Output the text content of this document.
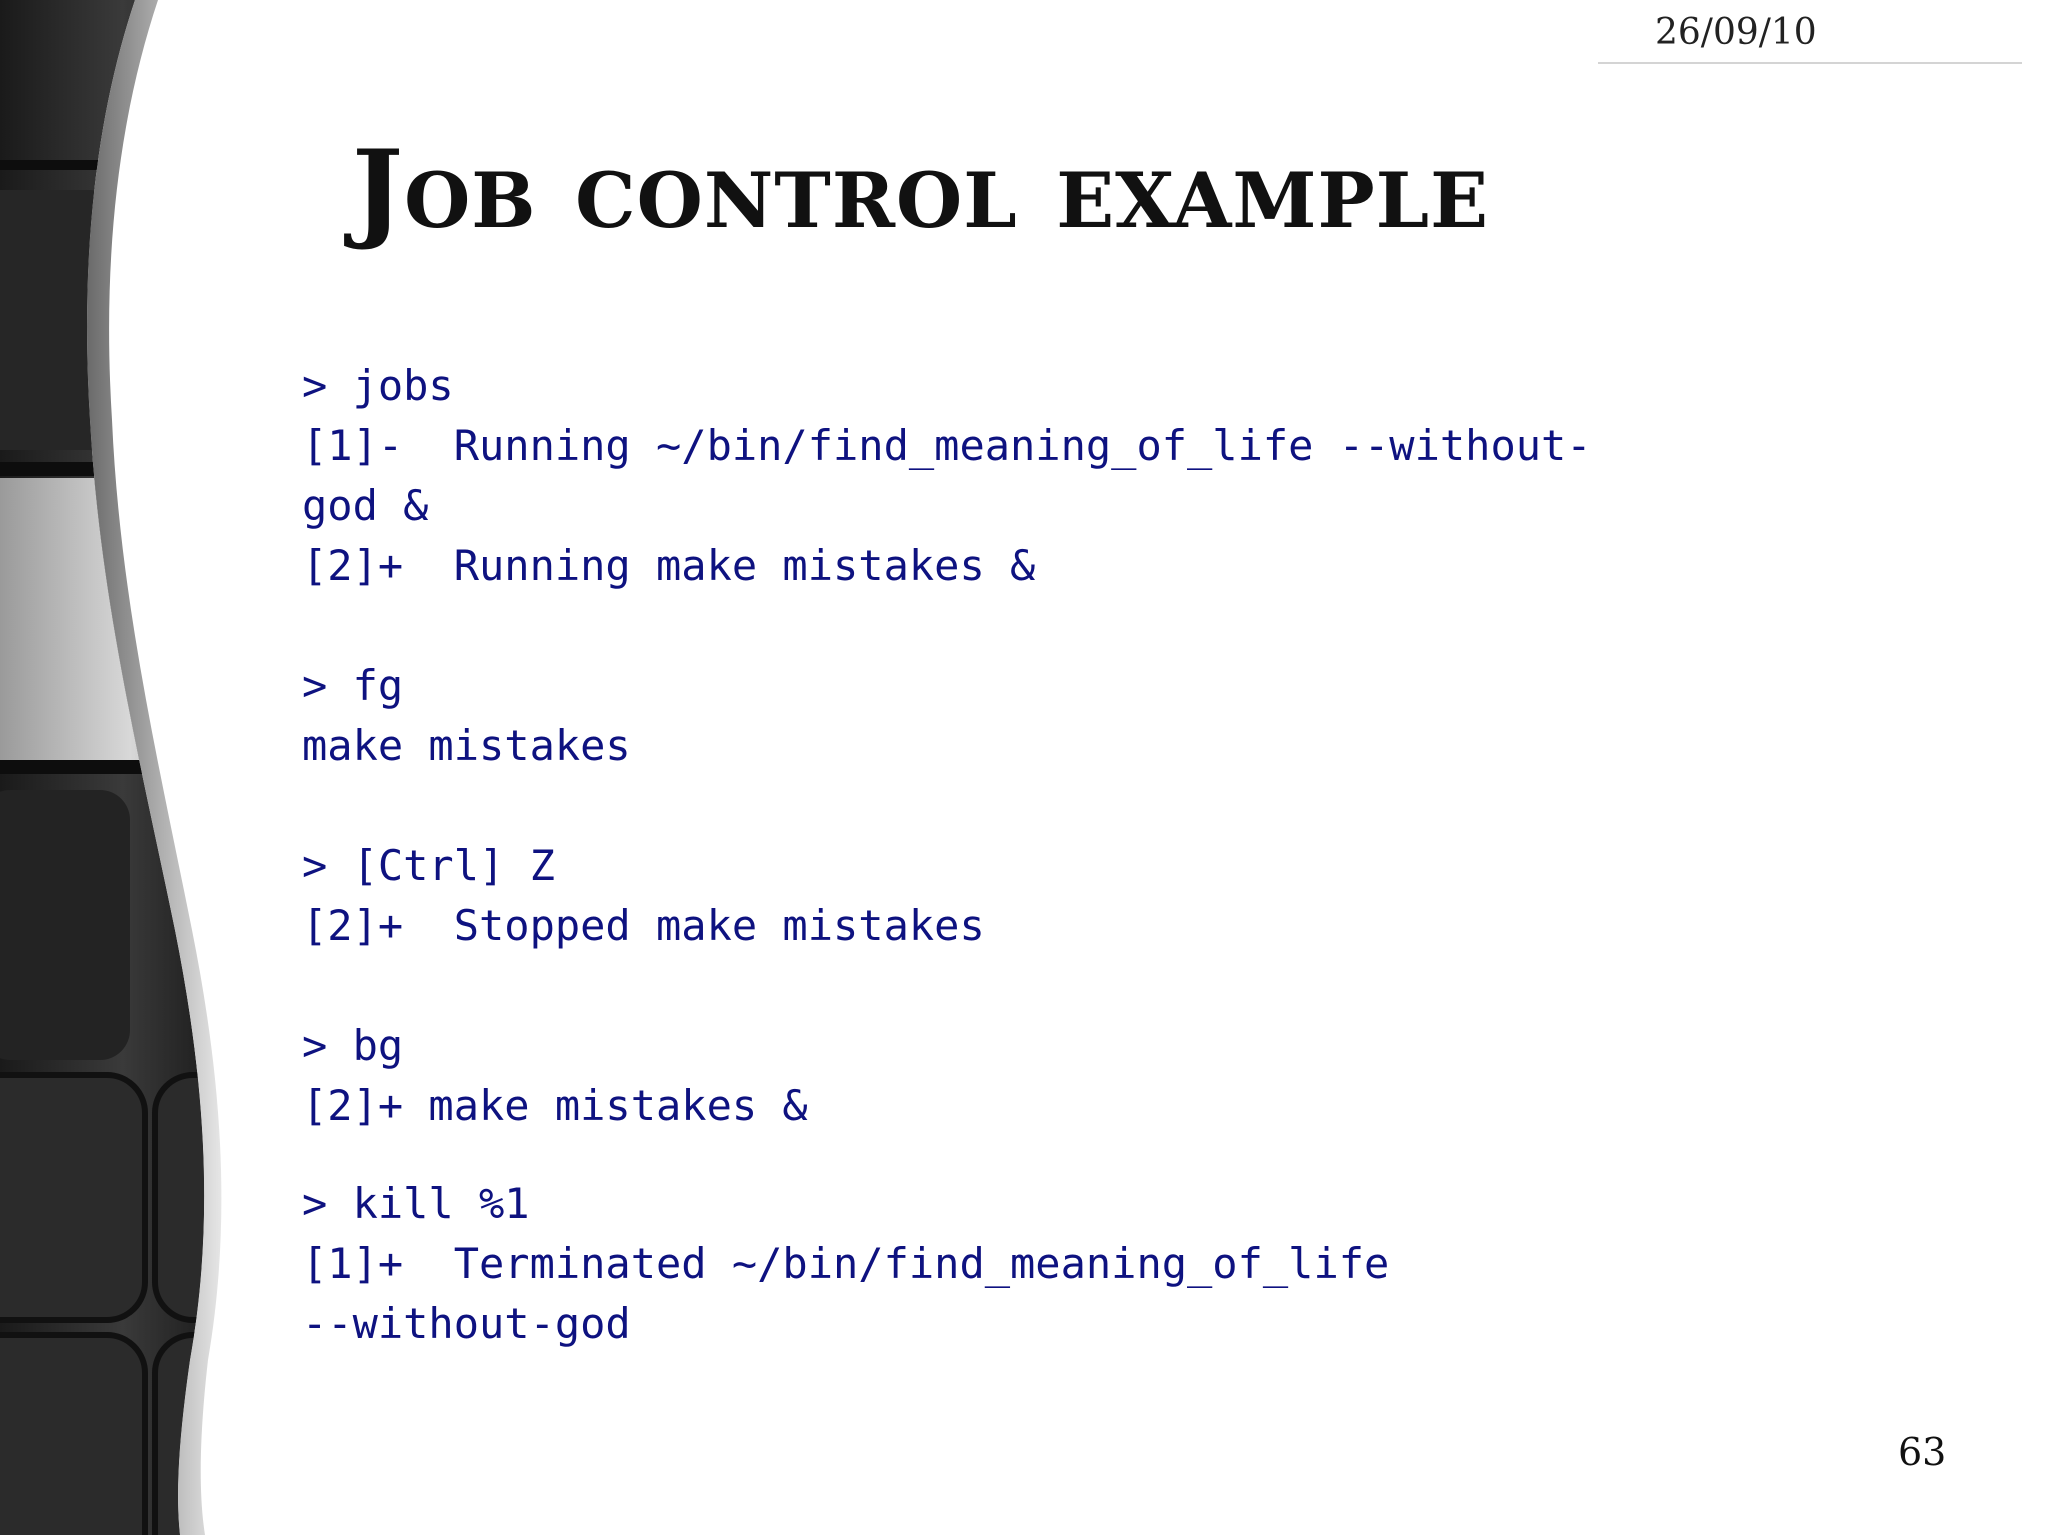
26/09/10
Job control example
> jobs
[1]-  Running ~/bin/find_meaning_of_life --without-
god &
[2]+  Running make mistakes &
> fg
make mistakes
> [Ctrl] Z
[2]+  Stopped make mistakes
> bg
[2]+ make mistakes &
> kill %1
[1]+  Terminated ~/bin/find_meaning_of_life
--without-god
63
